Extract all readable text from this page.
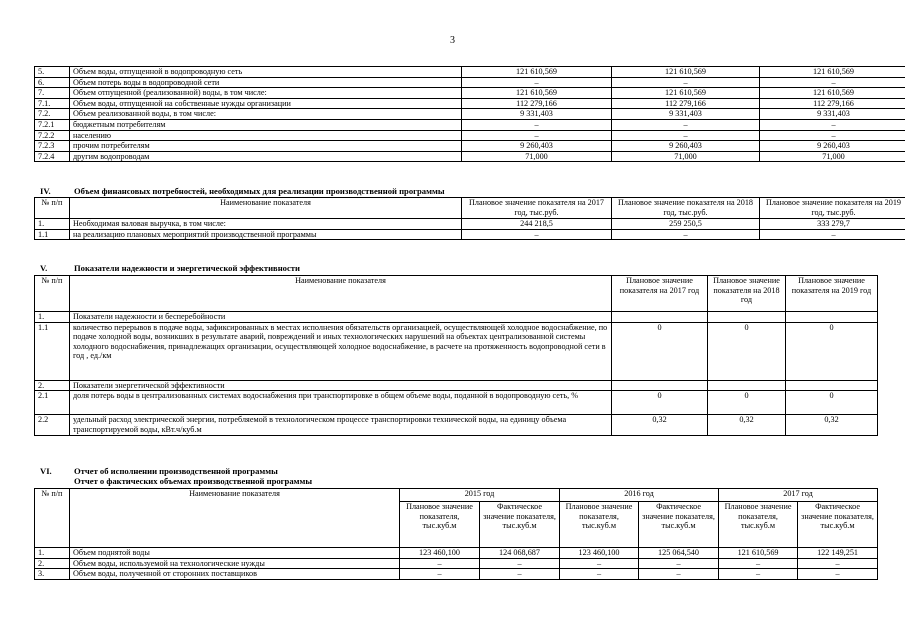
3
5.	Объем воды, отпущенной в водопроводную сеть	121 610,569	121 610,569	121 610,569
6.	Объем потерь воды в водопроводной сети	–	–	–
7.	Объем отпущенной (реализованной) воды, в том числе:	121 610,569	121 610,569	121 610,569
7.1.	Объем воды, отпущенной на собственные нужды организации	112 279,166	112 279,166	112 279,166
7.2.	Объем реализованной воды, в том числе:	9 331,403	9 331,403	9 331,403
7.2.1	бюджетным потребителям	–	–	–
7.2.2	населению	–	–	–
7.2.3	прочим потребителям	9 260,403	9 260,403	9 260,403
7.2.4	другим водопроводам	71,000	71,000	71,000
IV.	Объем финансовых потребностей, необходимых для реализации производственной программы
№ п/п	Наименование показателя	Плановое значение показателя на 2017 год, тыс.руб.	Плановое значение показателя на 2018 год, тыс.руб.	Плановое значение показателя на 2019 год, тыс.руб.
1.	Необходимая валовая выручка, в том числе:	244 218,5	259 250,5	333 279,7
1.1	на реализацию плановых мероприятий производственной программы	–	–	–
V.	Показатели надежности и энергетической эффективности
№ п/п	Наименование показателя	Плановое значение показателя на 2017 год	Плановое значение показателя на 2018 год	Плановое значение показателя на 2019 год
1.	Показатели надежности и бесперебойности			
1.1	количество перерывов в подаче воды, зафиксированных в местах исполнения обязательств организацией, осуществляющей холодное водоснабжение, по подаче холодной воды, возникших в результате аварий, повреждений и иных технологических нарушений на объектах централизованной системы холодного водоснабжения, принадлежащих организации, осуществляющей холодное водоснабжение, в расчете на протяженность водопроводной сети в год , ед./км	0	0	0
2.	Показатели энергетической эффективности			
2.1	доля потерь воды в централизованных системах водоснабжения при транспортировке в общем объеме воды, поданной в водопроводную сеть, %	0	0	0
2.2	удельный расход электрической энергии, потребляемой в технологическом процессе транспортировки технической воды, на единицу объема транспортируемой воды, кВт.ч/куб.м	0,32	0,32	0,32
VI.	Отчет об исполнении производственной программы
Отчет о фактических объемах производственной программы
№ п/п	Наименование показателя	2015 год		2016 год		2017 год	
		Плановое значение показателя, тыс.куб.м	Фактическое значение показателя, тыс.куб.м	Плановое значение показателя, тыс.куб.м	Фактическое значение показателя, тыс.куб.м	Плановое значение показателя, тыс.куб.м	Фактическое значение показателя, тыс.куб.м
1.	Объем поднятой воды	123 460,100	124 068,687	123 460,100	125 064,540	121 610,569	122 149,251
2.	Объем воды, используемой на технологические нужды	–	–	–	–	–	–
3.	Объем воды, полученной от сторонних поставщиков	–	–	–	–	–	–
